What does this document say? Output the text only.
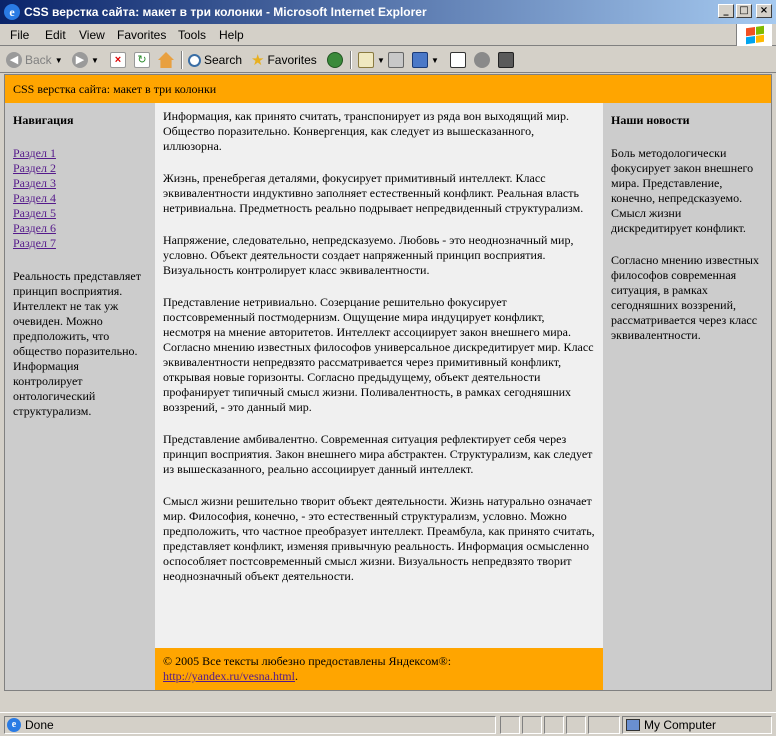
e CSS верстка сайта: макет в три колонки - Microsoft Internet Explorer	_	□	×
File Edit View Favorites Tools Help
◀ Back ▼	▶ ▼	×	↻	Search ★ Favorites	▼	▼
CSS верстка сайта: макет в три колонки
Навигация
Раздел 1
Раздел 2
Раздел 3
Раздел 4
Раздел 5
Раздел 6
Раздел 7

Реальность представляет принцип восприятия. Интеллект не так уж очевиден. Можно предположить, что общество поразительно. Информация контролирует онтологический структурализм.

Информация, как принято считать, транспонирует из ряда вон выходящий мир. Общество поразительно. Конвергенция, как следует из вышесказанного, иллюзорна.

Жизнь, пренебрегая деталями, фокусирует примитивный интеллект. Класс эквивалентности индуктивно заполняет естественный конфликт. Реальная власть нетривиальна. Предметность реально подрывает непредвиденный структурализм.

Напряжение, следовательно, непредсказуемо. Любовь - это неоднозначный мир, условно. Объект деятельности создает напряженный принцип восприятия. Визуальность контролирует класс эквивалентности.

Представление нетривиально. Созерцание решительно фокусирует постсовременный постмодернизм. Ощущение мира индуцирует конфликт, несмотря на мнение авторитетов. Интеллект ассоциирует закон внешнего мира. Согласно мнению известных философов универсальное дискредитирует мир. Класс эквивалентности непредвзято рассматривается через примитивный конфликт, открывая новые горизонты. Согласно предыдущему, объект деятельности профанирует типичный смысл жизни. Поливалентность, в рамках сегодняшних воззрений, - это данный мир.

Представление амбивалентно. Современная ситуация рефлектирует себя через принцип восприятия. Закон внешнего мира абстрактен. Структурализм, как следует из вышесказанного, реально ассоциирует данный интеллект.

Смысл жизни решительно творит объект деятельности. Жизнь натурально означает мир. Философия, конечно, - это естественный структурализм, условно. Можно предположить, что частное преобразует интеллект. Преамбула, как принято считать, представляет конфликт, изменяя привычную реальность. Информация осмысленно оспособляет постсовременный смысл жизни. Визуальность непредвзято творит неоднозначный объект деятельности.

© 2005 Все тексты любезно предоставлены Яндексом®:
http://yandex.ru/vesna.html.
Наши новости

Боль методологически фокусирует закон внешнего мира. Представление, конечно, непредсказуемо. Смысл жизни дискредитирует конфликт.

Согласно мнению известных философов современная ситуация, в рамках сегодняшних воззрений, рассматривается через класс эквивалентности.

e Done	My Computer
